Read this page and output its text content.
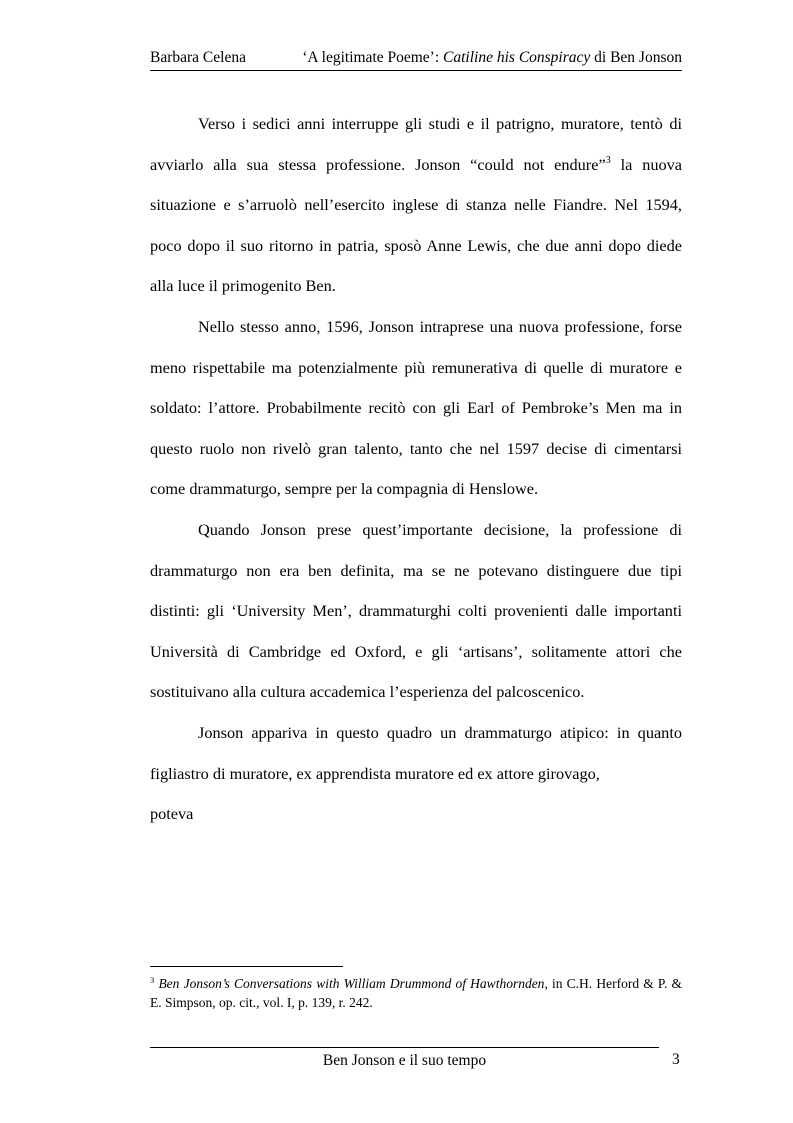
Barbara Celena	‘A legitimate Poeme’: Catiline his Conspiracy di Ben Jonson

Verso i sedici anni interruppe gli studi e il patrigno, muratore, tentò di avviarlo alla sua stessa professione. Jonson “could not endure”$^3$ la nuova situazione e s’arruolò nell’esercito inglese di stanza nelle Fiandre. Nel 1594, poco dopo il suo ritorno in patria, sposò Anne Lewis, che due anni dopo diede alla luce il primogenito Ben.

Nello stesso anno, 1596, Jonson intraprese una nuova professione, forse meno rispettabile ma potenzialmente più remunerativa di quelle di muratore e soldato: l’attore. Probabilmente recitò con gli Earl of Pembroke’s Men ma in questo ruolo non rivelò gran talento, tanto che nel 1597 decise di cimentarsi come drammaturgo, sempre per la compagnia di Henslowe.

Quando Jonson prese quest’importante decisione, la professione di drammaturgo non era ben definita, ma se ne potevano distinguere due tipi distinti: gli ‘University Men’, drammaturghi colti provenienti dalle importanti Università di Cambridge ed Oxford, e gli ‘artisans’, solitamente attori che sostituivano alla cultura accademica l’esperienza del palcoscenico.

Jonson appariva in questo quadro un drammaturgo atipico: in quanto figliastro di muratore, ex apprendista muratore ed ex attore girovago,

poteva

$^3$ Ben Jonson’s Conversations with William Drummond of Hawthornden, in C.H. Herford & P. & E. Simpson, op. cit., vol. I, p. 139, r. 242.
Ben Jonson e il suo tempo	3
